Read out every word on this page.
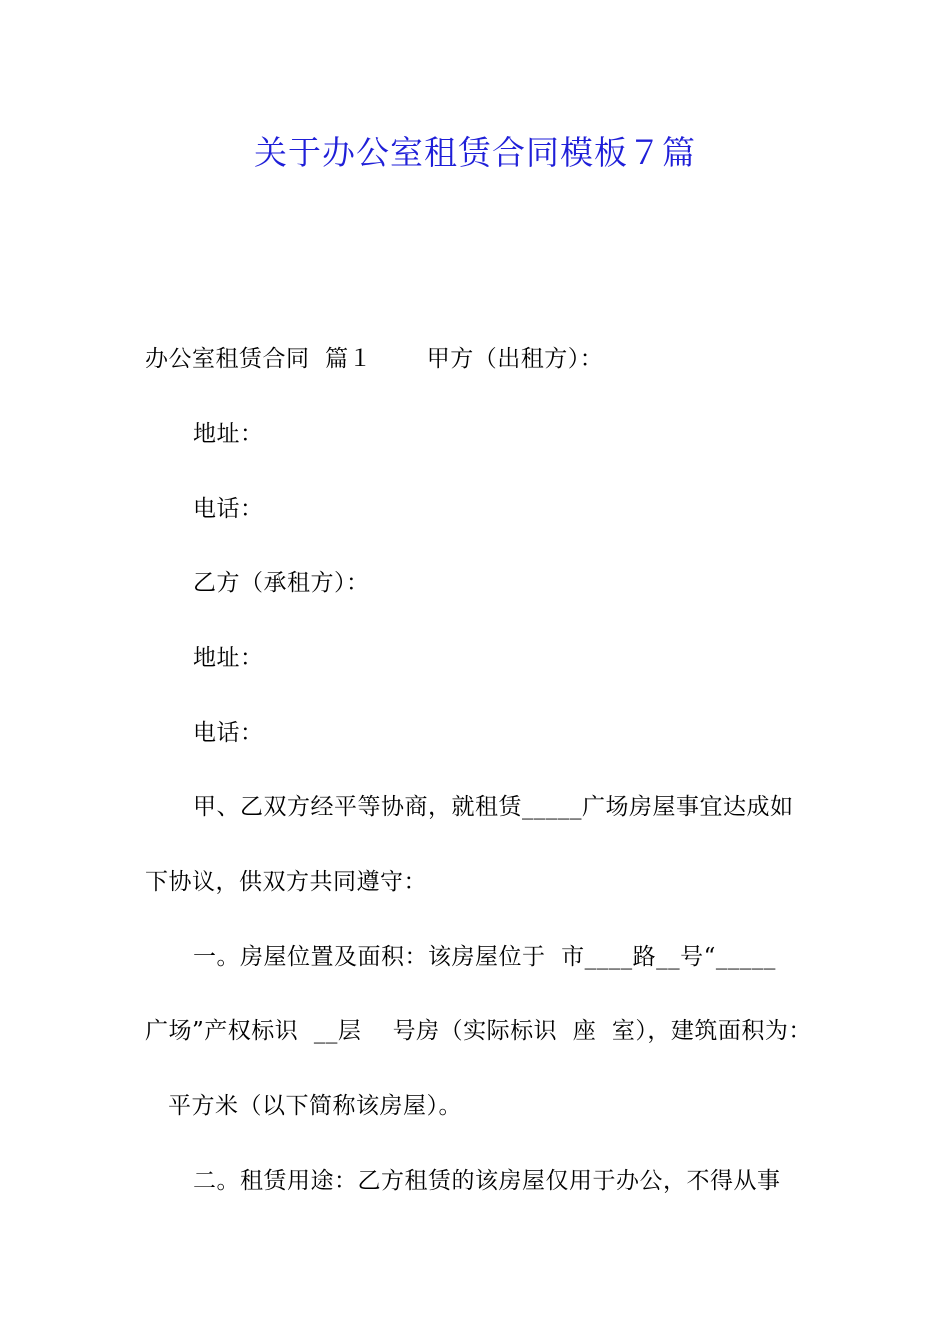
关于办公室租赁合同模板７篇
办公室租赁合同  篇１       甲方（出租方）：
地址：
电话：
乙方（承租方）：
地址：
电话：
甲、乙双方经平等协商，就租赁_____广场房屋事宜达成如
下协议，供双方共同遵守：
一。房屋位置及面积：该房屋位于  市____路__号“_____
广场”产权标识  __层    号房（实际标识  座  室），建筑面积为：
平方米（以下简称该房屋）。
二。租赁用途：乙方租赁的该房屋仅用于办公，不得从事
